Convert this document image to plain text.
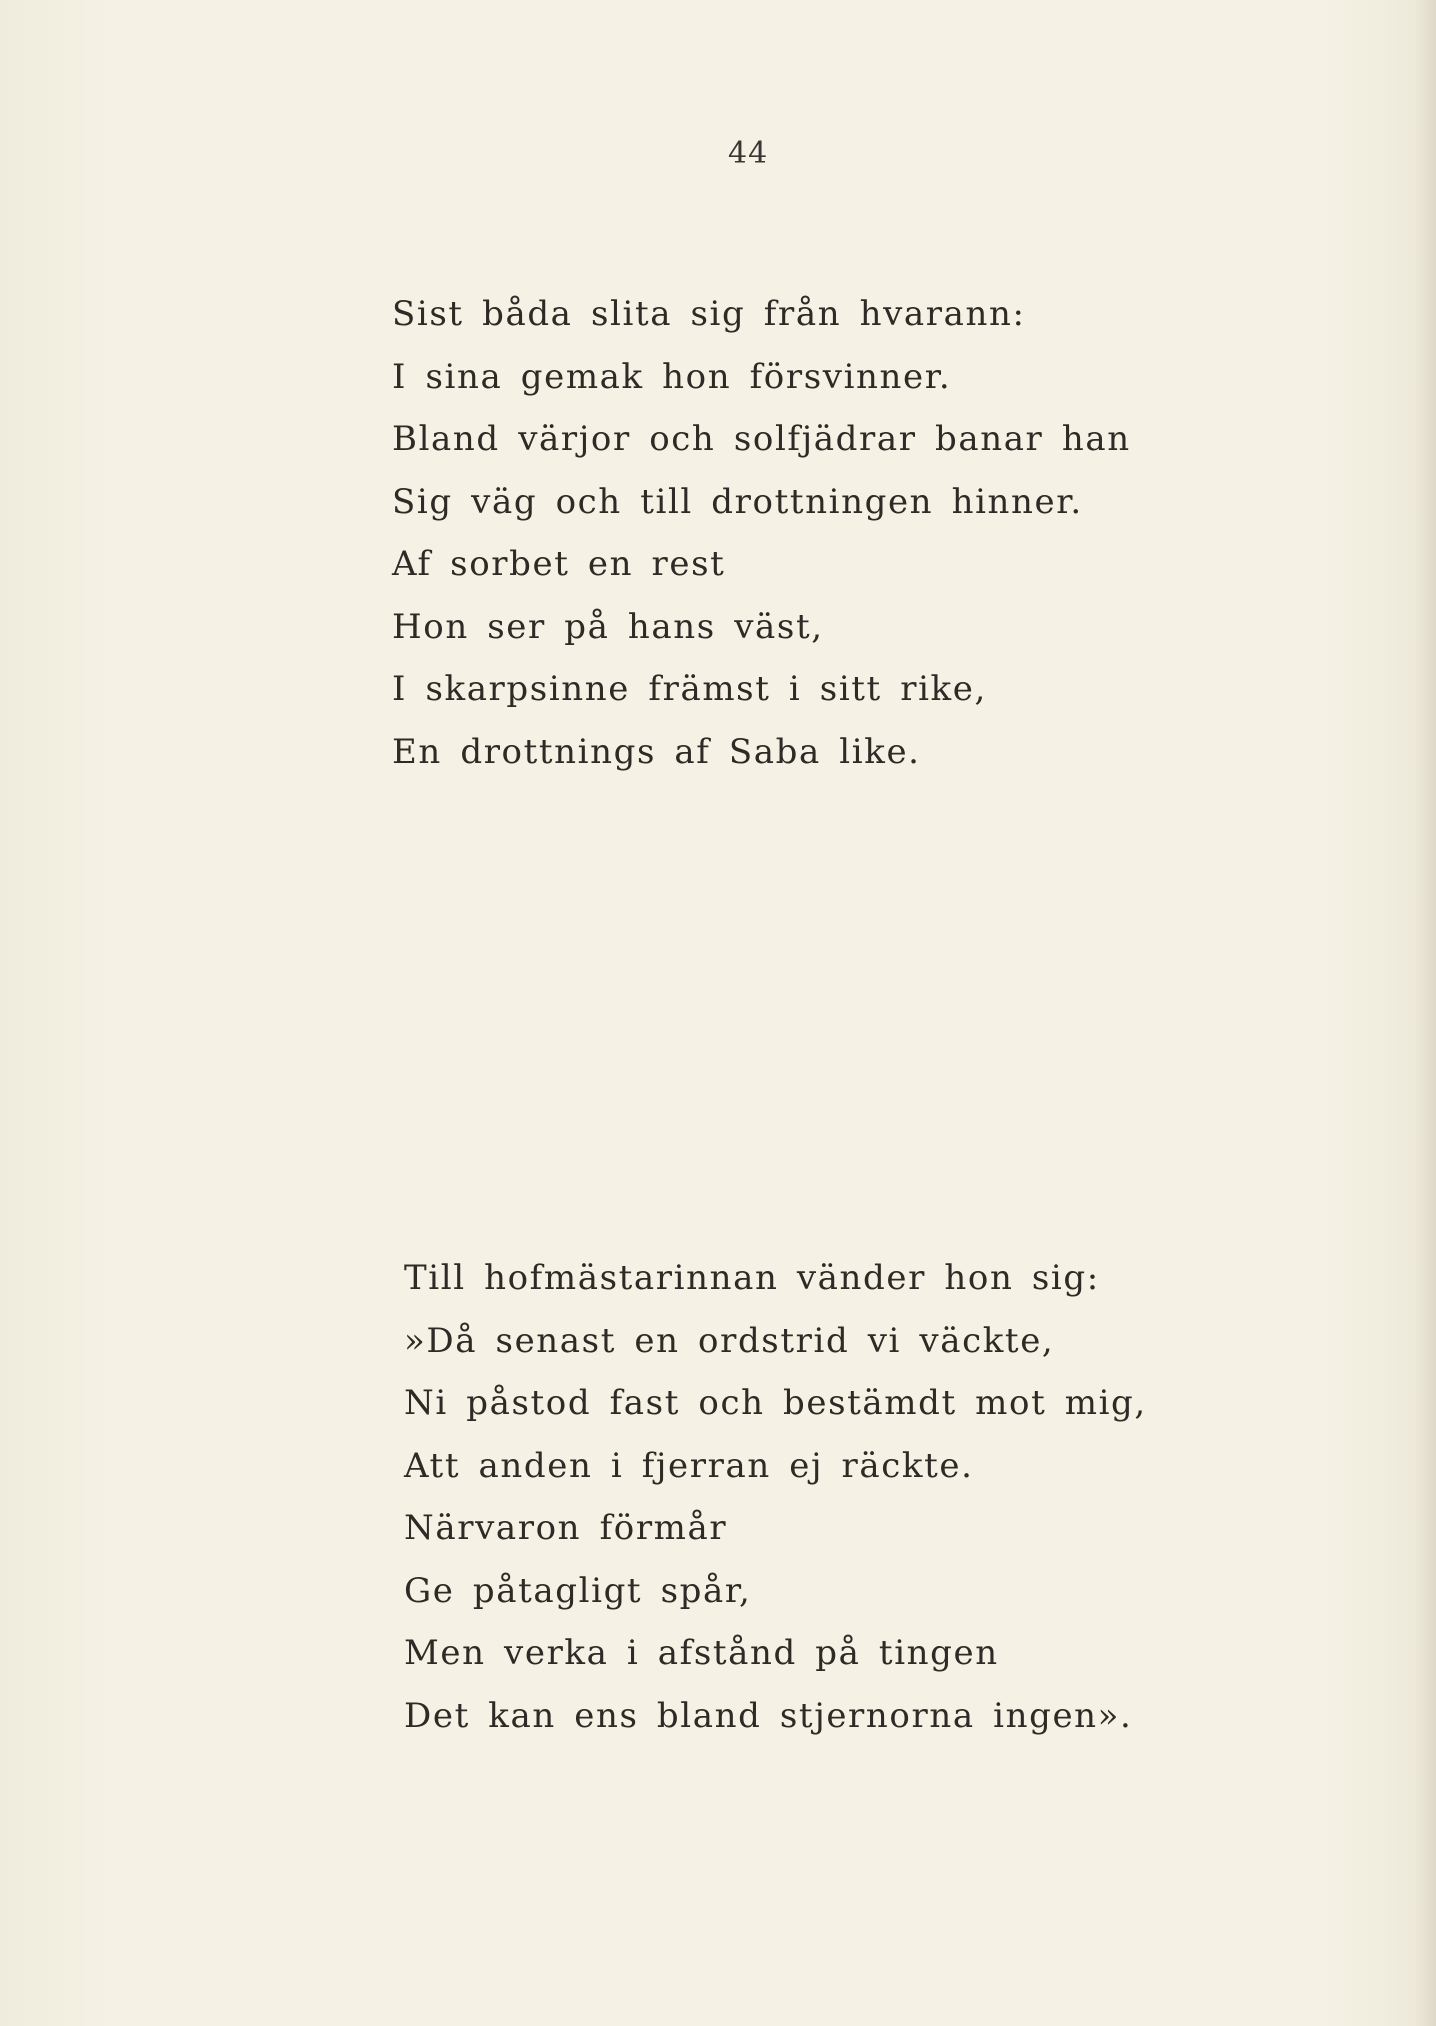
44
Sist båda slita sig från hvarann:
I sina gemak hon försvinner.
Bland värjor och solfjädrar banar han
Sig väg och till drottningen hinner.
Af sorbet en rest
Hon ser på hans väst,
I skarpsinne främst i sitt rike,
En drottnings af Saba like.
Till hofmästarinnan vänder hon sig:
»Då senast en ordstrid vi väckte,
Ni påstod fast och bestämdt mot mig,
Att anden i fjerran ej räckte.
Närvaron förmår
Ge påtagligt spår,
Men verka i afstånd på tingen
Det kan ens bland stjernorna ingen».
